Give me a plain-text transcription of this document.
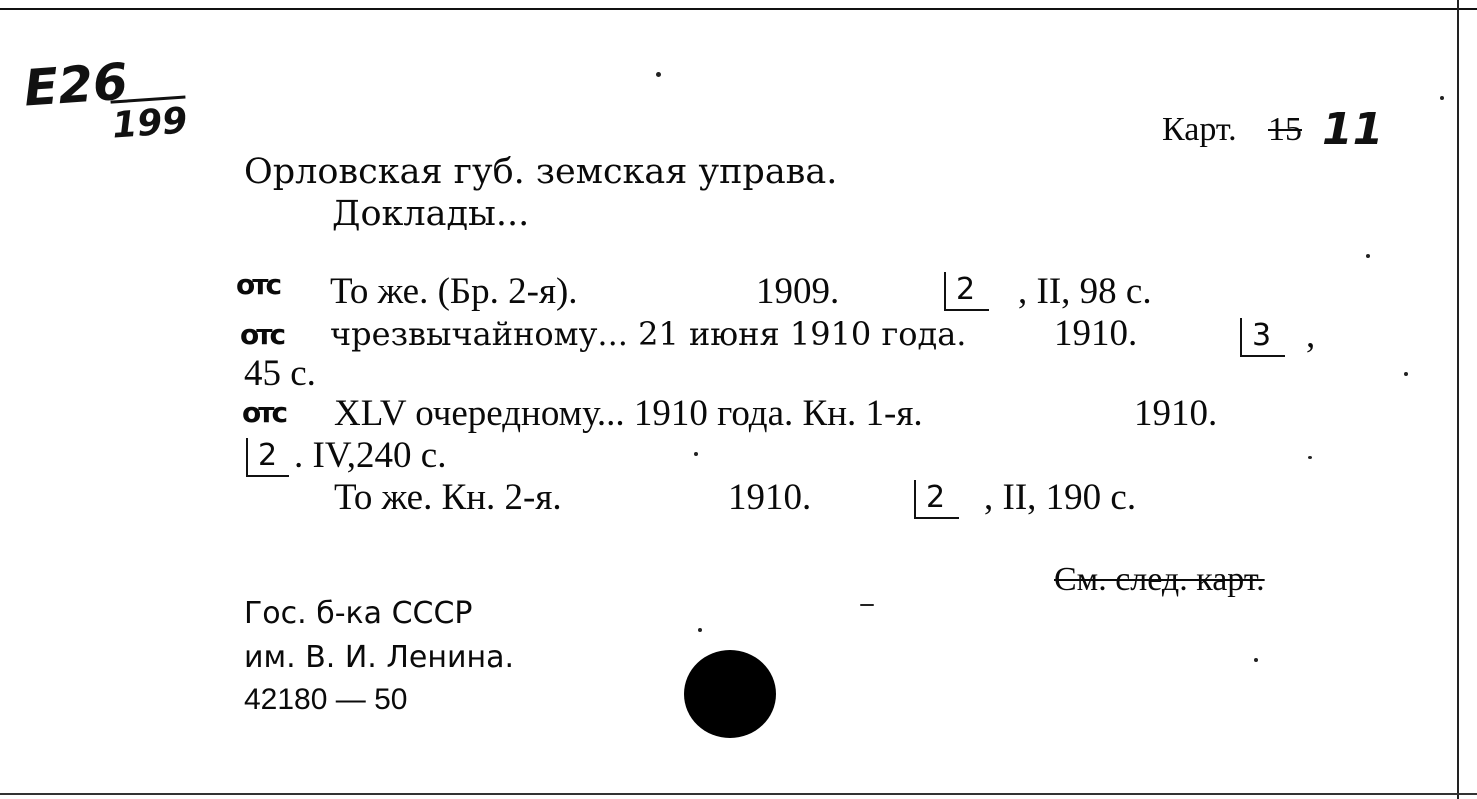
E26
199	Карт. 15 11
Орловская губ. земская управа.
Доклады...
отс То же. (Бр. 2-я).	1909.	2	, II, 98 с.
отс чрезвычайному... 21 июня 1910 года. 1910.	3 ,
45 с.
отс XLV очередному... 1910 года. Кн. 1-я.	1910.
2 . IV,240 с.
То же. Кн. 2-я.	1910.	2	, II, 190 с.
См. след. карт.
Гос. б-ка СССР
им. В. И. Ленина.
42180 — 50
